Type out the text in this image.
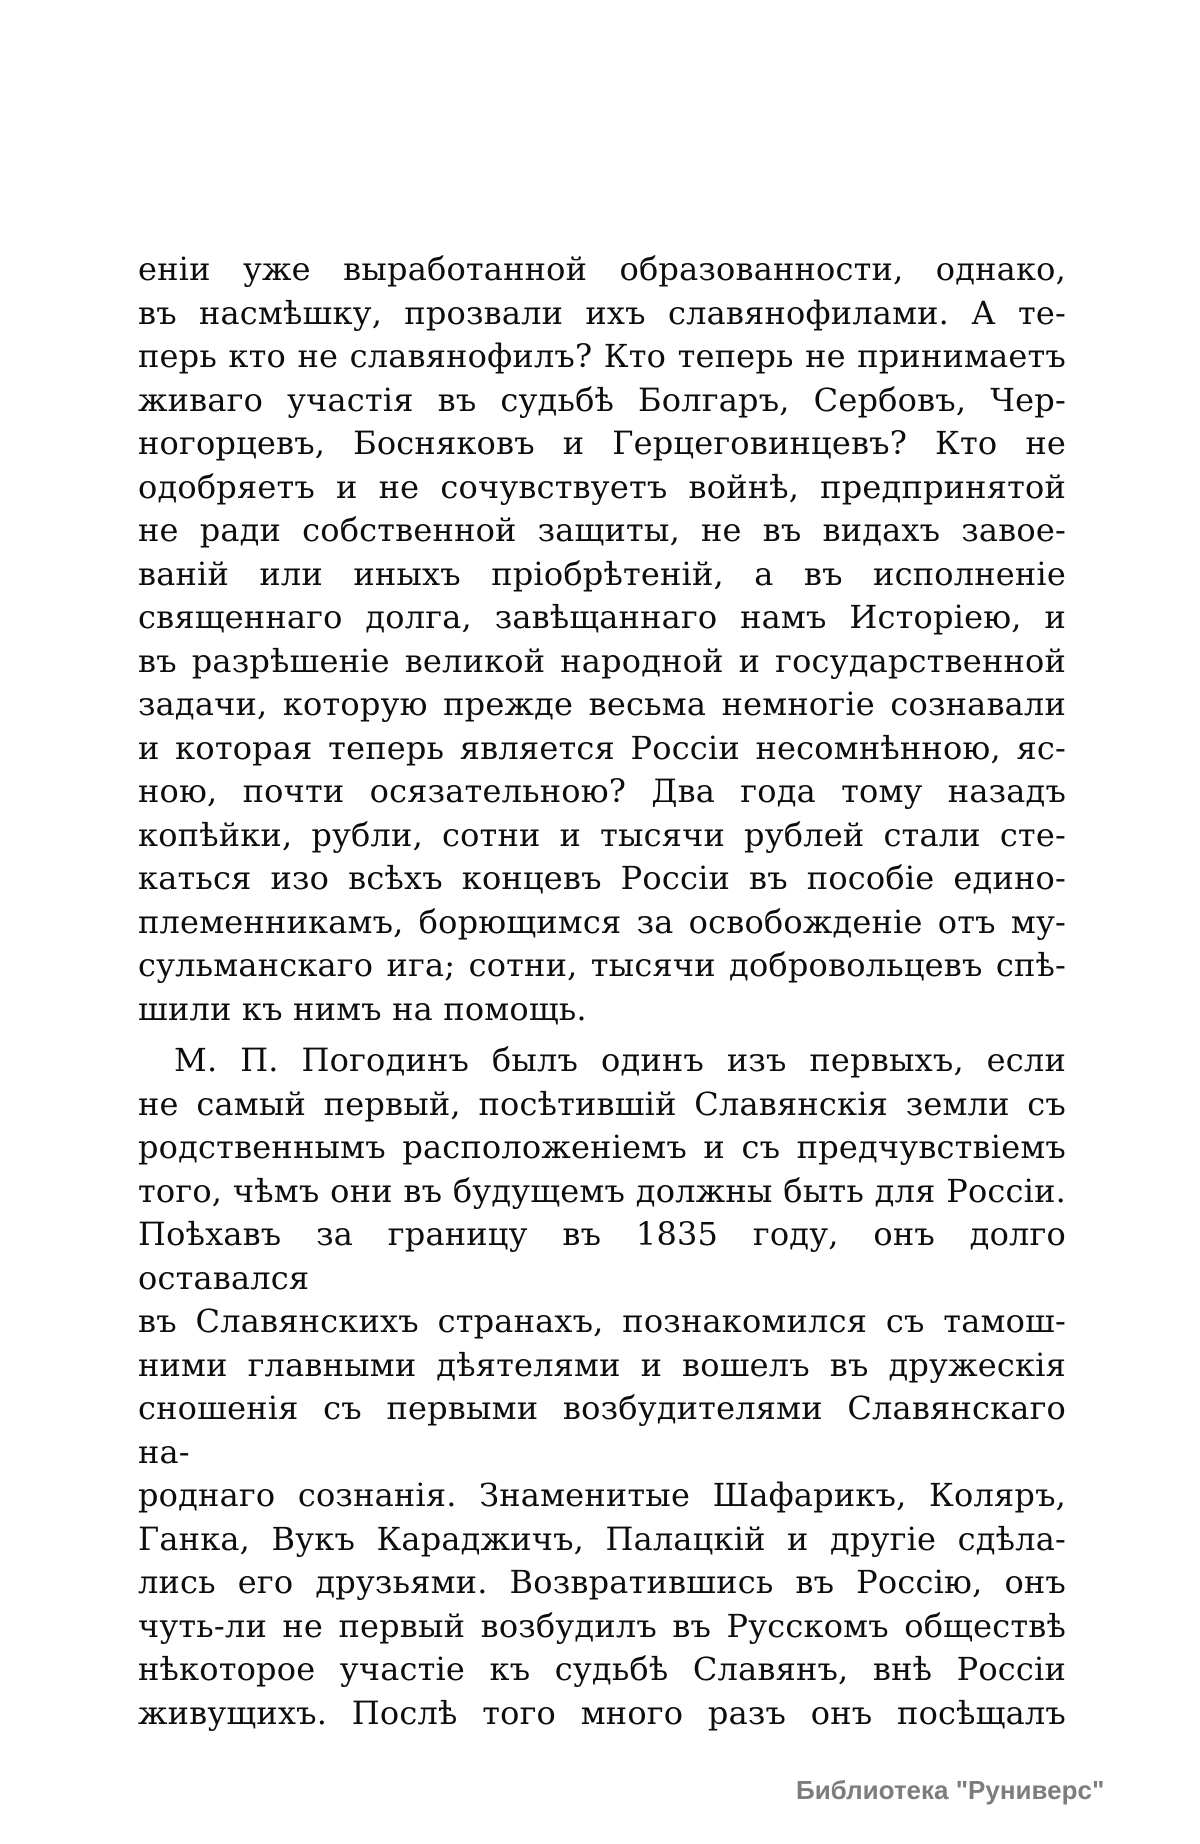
еніи уже выработанной образованности, однако,
въ насмѣшку, прозвали ихъ славянофилами. А те-
перь кто не славянофилъ? Кто теперь не принимаетъ
живаго участія въ судьбѣ Болгаръ, Сербовъ, Чер-
ногорцевъ, Босняковъ и Герцеговинцевъ? Кто не
одобряетъ и не сочувствуетъ войнѣ, предпринятой
не ради собственной защиты, не въ видахъ завое-
ваній или иныхъ пріобрѣтеній, а въ исполненіе
священнаго долга, завѣщаннаго намъ Исторіею, и
въ разрѣшеніе великой народной и государственной
задачи, которую прежде весьма немногіе сознавали
и которая теперь является Россіи несомнѣнною, яс-
ною, почти осязательною? Два года тому назадъ
копѣйки, рубли, сотни и тысячи рублей стали сте-
каться изо всѣхъ концевъ Россіи въ пособіе едино-
племенникамъ, борющимся за освобожденіе отъ му-
сульманскаго ига; сотни, тысячи добровольцевъ спѣ-
шили къ нимъ на помощь.
М. П. Погодинъ былъ одинъ изъ первыхъ, если
не самый первый, посѣтившій Славянскія земли съ
родственнымъ расположеніемъ и съ предчувствіемъ
того, чѣмъ они въ будущемъ должны быть для Россіи.
Поѣхавъ за границу въ 1835 году, онъ долго оставался
въ Славянскихъ странахъ, познакомился съ тамош-
ними главными дѣятелями и вошелъ въ дружескія
сношенія съ первыми возбудителями Славянскаго на-
роднаго сознанія. Знаменитые Шафарикъ, Коляръ,
Ганка, Вукъ Караджичъ, Палацкій и другіе сдѣла-
лись его друзьями. Возвратившись въ Россію, онъ
чуть-ли не первый возбудилъ въ Русскомъ обществѣ
нѣкоторое участіе къ судьбѣ Славянъ, внѣ Россіи
живущихъ. Послѣ того много разъ онъ посѣщалъ
Библиотека "Руниверс"
